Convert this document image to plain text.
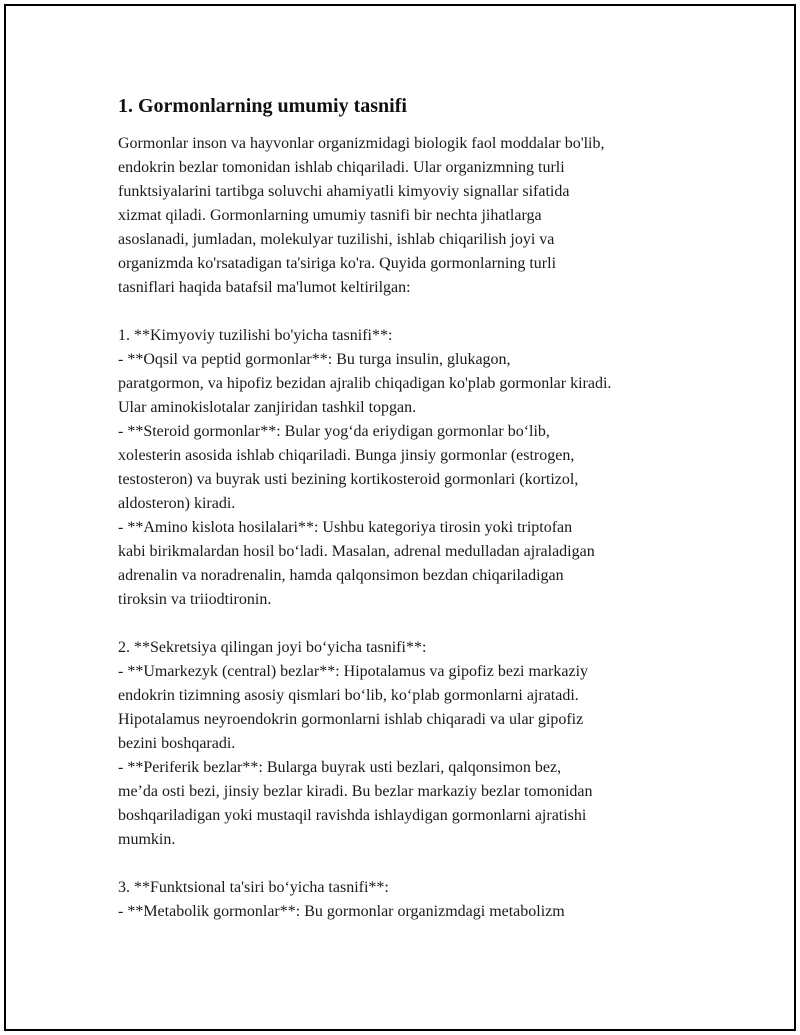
1. Gormonlarning umumiy tasnifi
Gormonlar inson va hayvonlar organizmidagi biologik faol moddalar bo'lib,
endokrin bezlar tomonidan ishlab chiqariladi. Ular organizmning turli
funktsiyalarini tartibga soluvchi ahamiyatli kimyoviy signallar sifatida
xizmat qiladi. Gormonlarning umumiy tasnifi bir nechta jihatlarga
asoslanadi, jumladan, molekulyar tuzilishi, ishlab chiqarilish joyi va
organizmda ko'rsatadigan ta'siriga ko'ra. Quyida gormonlarning turli
tasniflari haqida batafsil ma'lumot keltirilgan:

1. **Kimyoviy tuzilishi bo'yicha tasnifi**:
- **Oqsil va peptid gormonlar**: Bu turga insulin, glukagon,
paratgormon, va hipofiz bezidan ajralib chiqadigan ko'plab gormonlar kiradi.
Ular aminokislotalar zanjiridan tashkil topgan.
- **Steroid gormonlar**: Bular yog‘da eriydigan gormonlar bo‘lib,
xolesterin asosida ishlab chiqariladi. Bunga jinsiy gormonlar (estrogen,
testosteron) va buyrak usti bezining kortikosteroid gormonlari (kortizol,
aldosteron) kiradi.
- **Amino kislota hosilalari**: Ushbu kategoriya tirosin yoki triptofan
kabi birikmalardan hosil bo‘ladi. Masalan, adrenal medulladan ajraladigan
adrenalin va noradrenalin, hamda qalqonsimon bezdan chiqariladigan
tiroksin va triiodtironin.

2. **Sekretsiya qilingan joyi bo‘yicha tasnifi**:
- **Umarkezyk (central) bezlar**: Hipotalamus va gipofiz bezi markaziy
endokrin tizimning asosiy qismlari bo‘lib, ko‘plab gormonlarni ajratadi.
Hipotalamus neyroendokrin gormonlarni ishlab chiqaradi va ular gipofiz
bezini boshqaradi.
- **Periferik bezlar**: Bularga buyrak usti bezlari, qalqonsimon bez,
me’da osti bezi, jinsiy bezlar kiradi. Bu bezlar markaziy bezlar tomonidan
boshqariladigan yoki mustaqil ravishda ishlaydigan gormonlarni ajratishi
mumkin.

3. **Funktsional ta'siri bo‘yicha tasnifi**:
- **Metabolik gormonlar**: Bu gormonlar organizmdagi metabolizm
